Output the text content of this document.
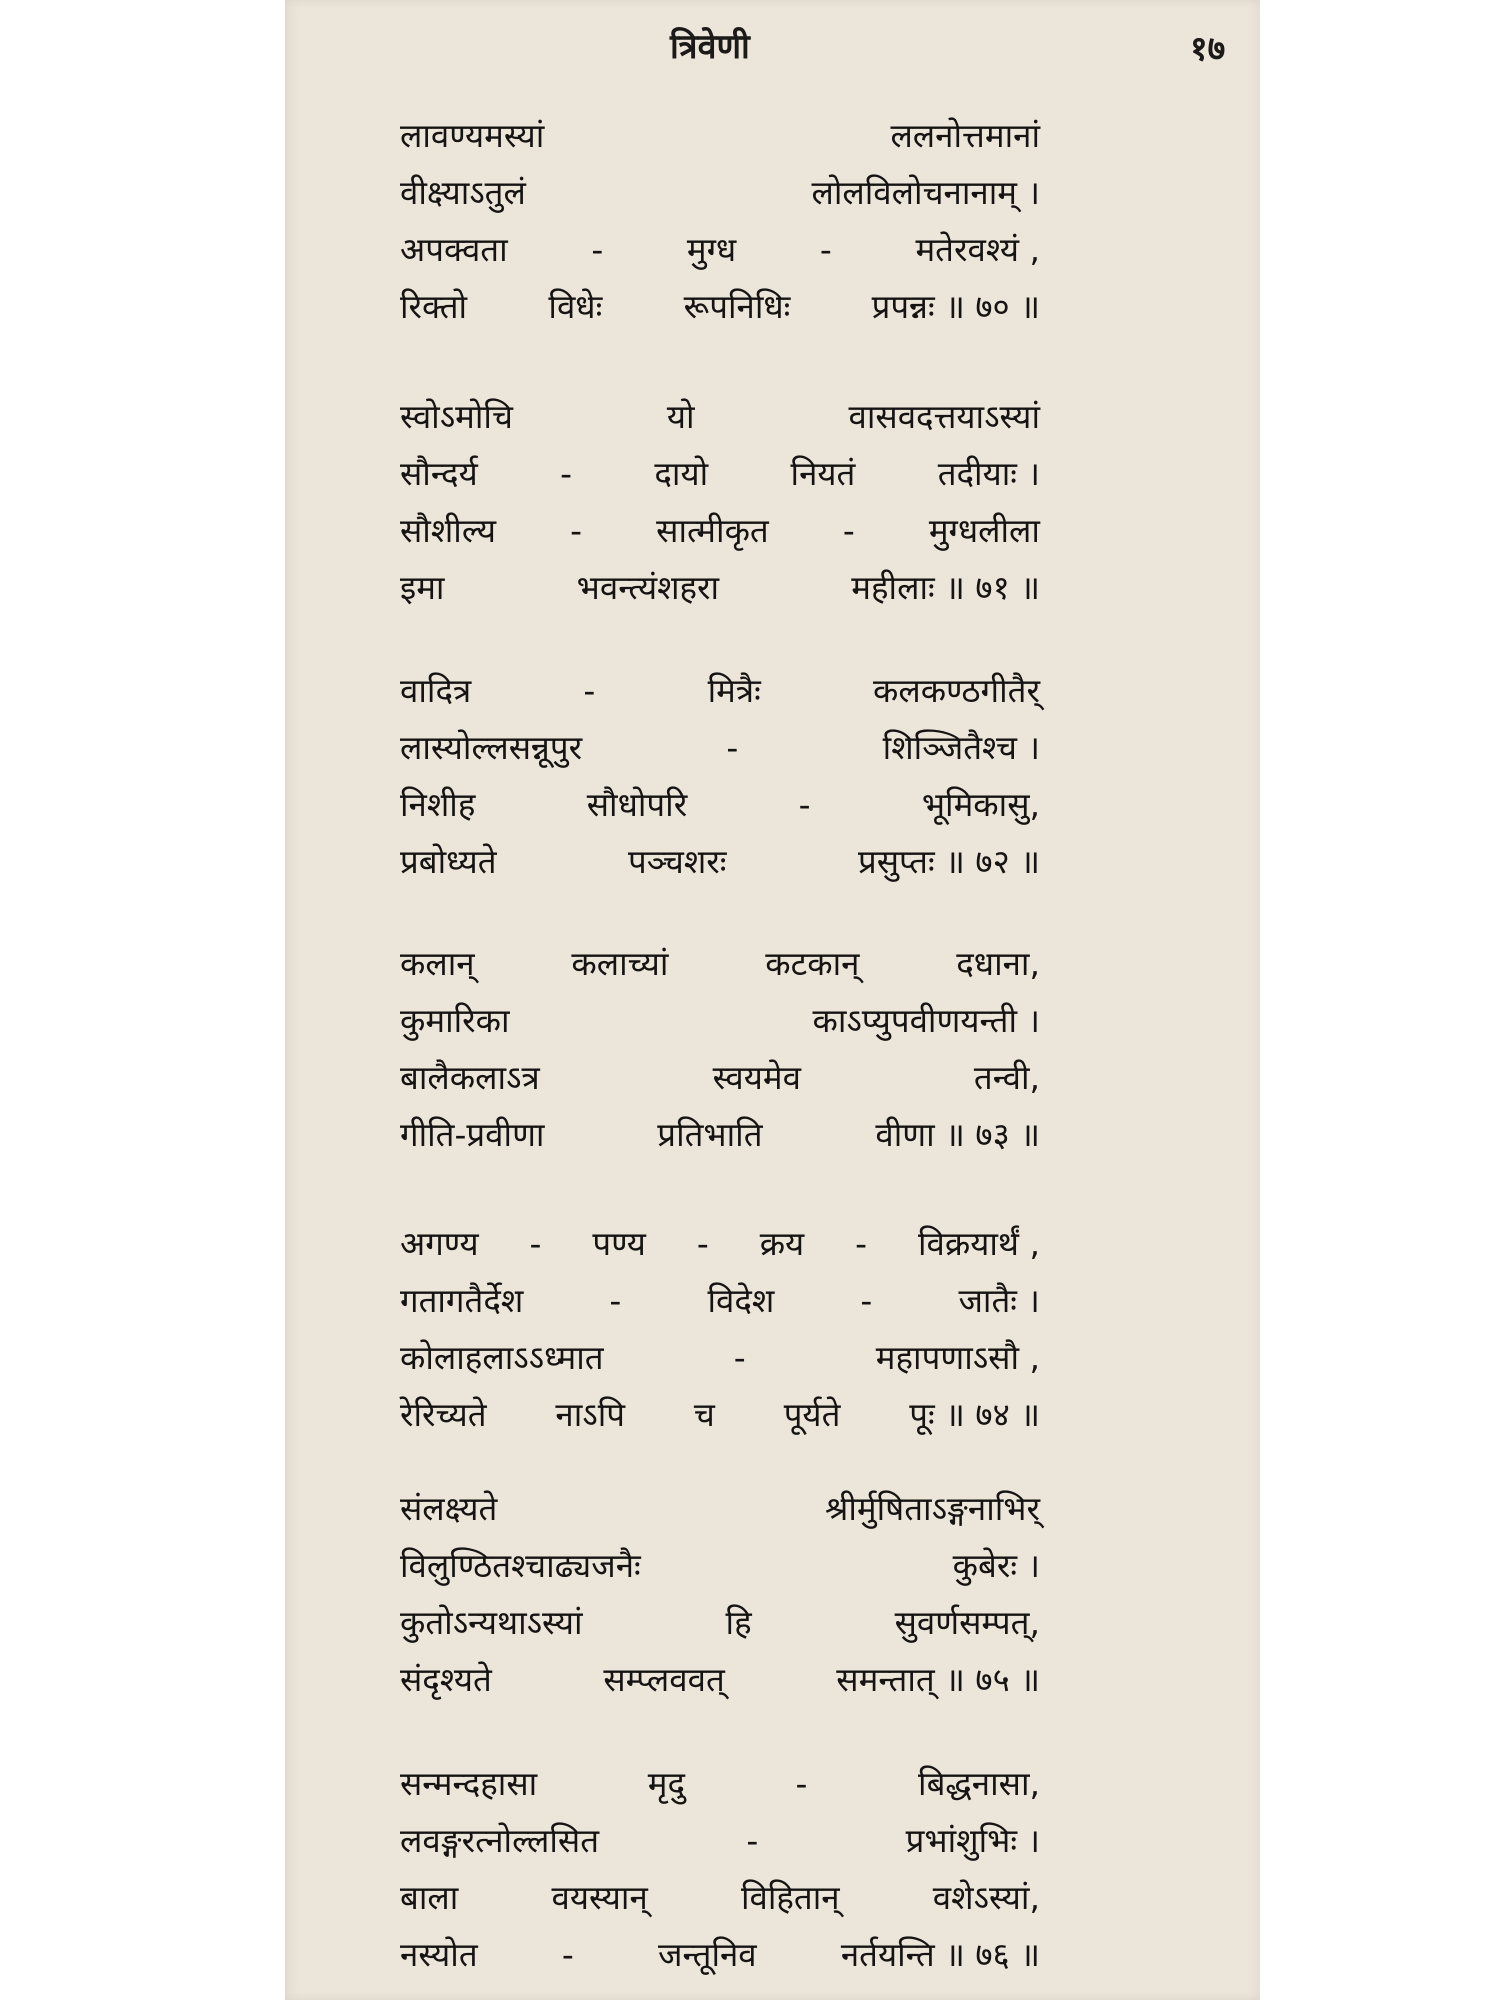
त्रिवेणी	१७
लावण्यमस्यां	ललनोत्तमानां
वीक्ष्याऽतुलं	लोलविलोचनानाम् ।
अपक्वता	-	मुग्ध	-	मतेरवश्यं ,
रिक्तो विधेः रूपनिधिः प्रपन्नः ॥ ७० ॥
स्वोऽमोचि	यो	वासवदत्तयाऽस्यां
सौन्दर्य - दायो नियतं तदीयाः ।
सौशील्य - सात्मीकृत - मुग्धलीला
इमा	भवन्त्यंशहरा	महीलाः ॥ ७१ ॥
वादित्र	-	मित्रैः	कलकण्ठगीतैर्
लास्योल्लसन्नूपुर	-	शिञ्जितैश्च ।
निशीह	सौधोपरि	-	भूमिकासु,
प्रबोध्यते	पञ्चशरः	प्रसुप्तः ॥ ७२ ॥
कलान्	कलाच्यां	कटकान्	दधाना,
कुमारिका	काऽप्युपवीणयन्ती ।
बालैकलाऽत्र	स्वयमेव	तन्वी,
गीति-प्रवीणा	प्रतिभाति	वीणा ॥ ७३ ॥
अगण्य - पण्य - क्रय - विक्रयार्थं ,
गतागतैर्देश	-	विदेश	-	जातैः ।
कोलाहलाऽऽध्मात	-	महापणाऽसौ ,
रेरिच्यते नाऽपि च पूर्यते पूः ॥ ७४ ॥
संलक्ष्यते	श्रीर्मुषिताऽङ्गनाभिर्
विलुण्ठितश्चाढ्यजनैः	कुबेरः ।
कुतोऽन्यथाऽस्यां	हि	सुवर्णसम्पत्,
संदृश्यते	सम्प्लववत्	समन्तात् ॥ ७५ ॥
सन्मन्दहासा	मृदु	-	बिद्धनासा,
लवङ्गरत्नोल्लसित	-	प्रभांशुभिः ।
बाला	वयस्यान्	विहितान्	वशेऽस्यां,
नस्योत	-	जन्तूनिव	नर्तयन्ति ॥ ७६ ॥
